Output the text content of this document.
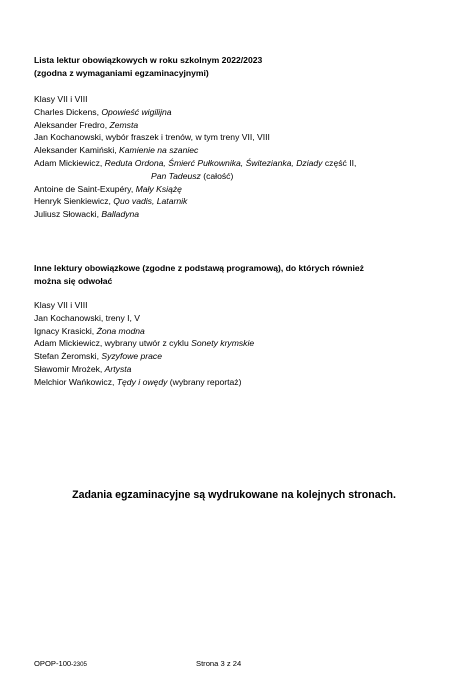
Lista lektur obowiązkowych w roku szkolnym 2022/2023
(zgodna z wymaganiami egzaminacyjnymi)
Klasy VII i VIII
Charles Dickens, Opowieść wigilijna
Aleksander Fredro, Zemsta
Jan Kochanowski, wybór fraszek i trenów, w tym treny VII, VIII
Aleksander Kamiński, Kamienie na szaniec
Adam Mickiewicz, Reduta Ordona, Śmierć Pułkownika, Świtezianka, Dziady część II,
Pan Tadeusz (całość)
Antoine de Saint-Exupéry, Mały Książę
Henryk Sienkiewicz, Quo vadis, Latarnik
Juliusz Słowacki, Balladyna
Inne lektury obowiązkowe (zgodne z podstawą programową), do których również
można się odwołać
Klasy VII i VIII
Jan Kochanowski, treny I, V
Ignacy Krasicki, Żona modna
Adam Mickiewicz, wybrany utwór z cyklu Sonety krymskie
Stefan Żeromski, Syzyfowe prace
Sławomir Mrożek, Artysta
Melchior Wańkowicz, Tędy i owędy (wybrany reportaż)
Zadania egzaminacyjne są wydrukowane na kolejnych stronach.
OPOP-100-2305	Strona 3 z 24
